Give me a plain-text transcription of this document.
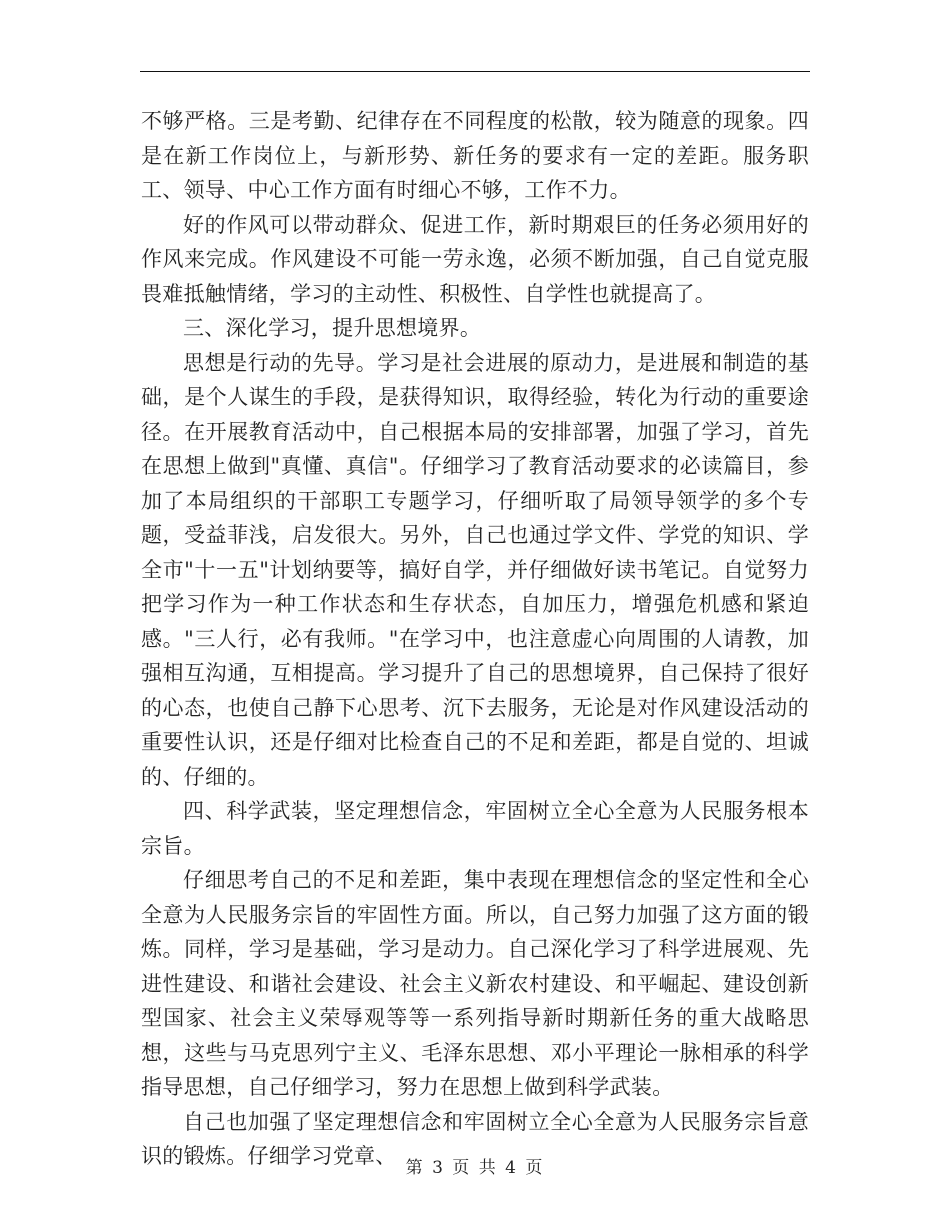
不够严格。三是考勤、纪律存在不同程度的松散，较为随意的现象。四是在新工作岗位上，与新形势、新任务的要求有一定的差距。服务职工、领导、中心工作方面有时细心不够，工作不力。

好的作风可以带动群众、促进工作，新时期艰巨的任务必须用好的作风来完成。作风建设不可能一劳永逸，必须不断加强，自己自觉克服畏难抵触情绪，学习的主动性、积极性、自学性也就提高了。

三、深化学习，提升思想境界。

思想是行动的先导。学习是社会进展的原动力，是进展和制造的基础，是个人谋生的手段，是获得知识，取得经验，转化为行动的重要途径。在开展教育活动中，自己根据本局的安排部署，加强了学习，首先在思想上做到"真懂、真信"。仔细学习了教育活动要求的必读篇目，参加了本局组织的干部职工专题学习，仔细听取了局领导领学的多个专题，受益菲浅，启发很大。另外，自己也通过学文件、学党的知识、学全市"十一五"计划纳要等，搞好自学，并仔细做好读书笔记。自觉努力把学习作为一种工作状态和生存状态，自加压力，增强危机感和紧迫感。"三人行，必有我师。"在学习中，也注意虚心向周围的人请教，加强相互沟通，互相提高。学习提升了自己的思想境界，自己保持了很好的心态，也使自己静下心思考、沉下去服务，无论是对作风建设活动的重要性认识，还是仔细对比检查自己的不足和差距，都是自觉的、坦诚的、仔细的。

四、科学武装，坚定理想信念，牢固树立全心全意为人民服务根本宗旨。

仔细思考自己的不足和差距，集中表现在理想信念的坚定性和全心全意为人民服务宗旨的牢固性方面。所以，自己努力加强了这方面的锻炼。同样，学习是基础，学习是动力。自己深化学习了科学进展观、先进性建设、和谐社会建设、社会主义新农村建设、和平崛起、建设创新型国家、社会主义荣辱观等等一系列指导新时期新任务的重大战略思想，这些与马克思列宁主义、毛泽东思想、邓小平理论一脉相承的科学指导思想，自己仔细学习，努力在思想上做到科学武装。

自己也加强了坚定理想信念和牢固树立全心全意为人民服务宗旨意识的锻炼。仔细学习党章、 第 3 页 共 4 页
